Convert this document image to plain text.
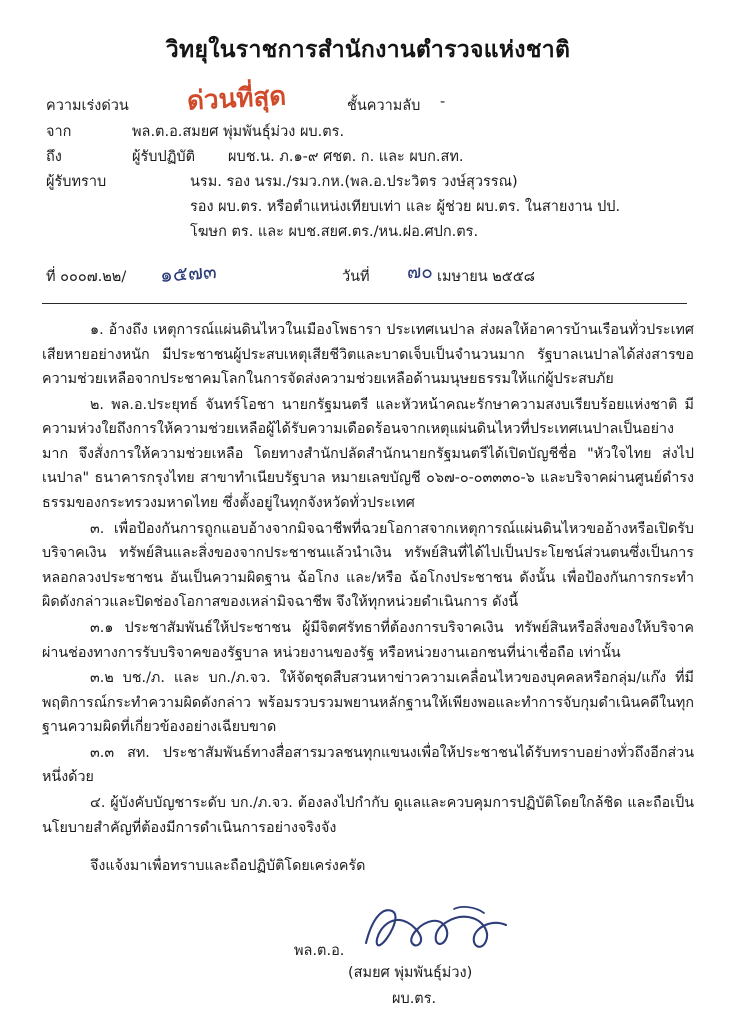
วิทยุในราชการสำนักงานตำรวจแห่งชาติ
ความเร่งด่วน ด่วนที่สุด	ชั้นความลับ -
จาก	พล.ต.อ.สมยศ พุ่มพันธุ์ม่วง ผบ.ตร.
ถึง	ผู้รับปฏิบัติ ผบช.น. ภ.๑-๙ ศชต. ก. และ ผบก.สท.
ผู้รับทราบ	นรม. รอง นรม./รมว.กห.(พล.อ.ประวิตร วงษ์สุวรรณ)
รอง ผบ.ตร. หรือตำแหน่งเทียบเท่า และ ผู้ช่วย ผบ.ตร. ในสายงาน ปป.
โฆษก ตร. และ ผบช.สยศ.ตร./หน.ฝอ.ศปก.ตร.
ที่ ๐๐๐๗.๒๒/ ๑๕๗๓	วันที่ ๗๐ เมษายน ๒๕๕๘

๑. อ้างถึง เหตุการณ์แผ่นดินไหวในเมืองโพธารา ประเทศเนปาล ส่งผลให้อาคารบ้านเรือนทั่วประเทศเสียหายอย่างหนัก มีประชาชนผู้ประสบเหตุเสียชีวิตและบาดเจ็บเป็นจำนวนมาก รัฐบาลเนปาลได้ส่งสารขอความช่วยเหลือจากประชาคมโลกในการจัดส่งความช่วยเหลือด้านมนุษยธรรมให้แก่ผู้ประสบภัย

๒. พล.อ.ประยุทธ์ จันทร์โอชา นายกรัฐมนตรี และหัวหน้าคณะรักษาความสงบเรียบร้อยแห่งชาติ มีความห่วงใยถึงการให้ความช่วยเหลือผู้ได้รับความเดือดร้อนจากเหตุแผ่นดินไหวที่ประเทศเนปาลเป็นอย่างมาก จึงสั่งการให้ความช่วยเหลือ โดยทางสำนักปลัดสำนักนายกรัฐมนตรีได้เปิดบัญชีชื่อ "หัวใจไทย ส่งไปเนปาล" ธนาคารกรุงไทย สาขาทำเนียบรัฐบาล หมายเลขบัญชี ๐๖๗-๐-๐๓๓๓๐-๖ และบริจาคผ่านศูนย์ดำรงธรรมของกระทรวงมหาดไทย ซึ่งตั้งอยู่ในทุกจังหวัดทั่วประเทศ

๓. เพื่อป้องกันการถูกแอบอ้างจากมิจฉาชีพที่ฉวยโอกาสจากเหตุการณ์แผ่นดินไหวขออ้างหรือเปิดรับบริจาคเงิน ทรัพย์สินและสิ่งของจากประชาชนแล้วนำเงิน ทรัพย์สินที่ได้ไปเป็นประโยชน์ส่วนตนซึ่งเป็นการหลอกลวงประชาชน อันเป็นความผิดฐาน ฉ้อโกง และ/หรือ ฉ้อโกงประชาชน ดังนั้น เพื่อป้องกันการกระทำผิดดังกล่าวและปิดช่องโอกาสของเหล่ามิจฉาชีพ จึงให้ทุกหน่วยดำเนินการ ดังนี้

๓.๑ ประชาสัมพันธ์ให้ประชาชน ผู้มีจิตศรัทธาที่ต้องการบริจาคเงิน ทรัพย์สินหรือสิ่งของให้บริจาคผ่านช่องทางการรับบริจาคของรัฐบาล หน่วยงานของรัฐ หรือหน่วยงานเอกชนที่น่าเชื่อถือ เท่านั้น

๓.๒ บช./ภ. และ บก./ภ.จว. ให้จัดชุดสืบสวนหาข่าวความเคลื่อนไหวของบุคคลหรือกลุ่ม/แก๊ง ที่มีพฤติการณ์กระทำความผิดดังกล่าว พร้อมรวบรวมพยานหลักฐานให้เพียงพอและทำการจับกุมดำเนินคดีในทุกฐานความผิดที่เกี่ยวข้องอย่างเฉียบขาด

๓.๓ สท. ประชาสัมพันธ์ทางสื่อสารมวลชนทุกแขนงเพื่อให้ประชาชนได้รับทราบอย่างทั่วถึงอีกส่วนหนึ่งด้วย

๔. ผู้บังคับบัญชาระดับ บก./ภ.จว. ต้องลงไปกำกับ ดูแลและควบคุมการปฏิบัติโดยใกล้ชิด และถือเป็นนโยบายสำคัญที่ต้องมีการดำเนินการอย่างจริงจัง

จึงแจ้งมาเพื่อทราบและถือปฏิบัติโดยเคร่งครัด

พล.ต.อ.
(สมยศ พุ่มพันธุ์ม่วง)
ผบ.ตร.
